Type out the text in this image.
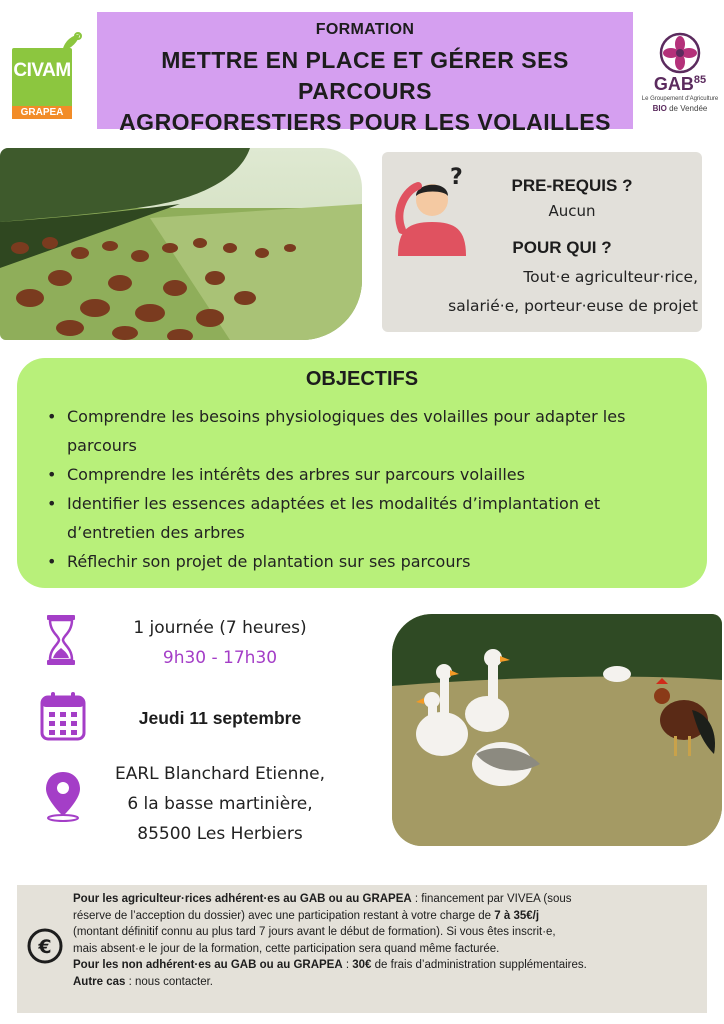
CIVAM
GRAPEA
FORMATION
METTRE EN PLACE ET GÉRER SES PARCOURS
AGROFORESTIERS POUR LES VOLAILLES
GAB$^{85}$
Le Groupement d'Agriculture
BIO de Vendée
?	PRE-REQUIS ?
Aucun
POUR QUI ?
Tout·e agriculteur·rice,
salarié·e, porteur·euse de projet
OBJECTIFS
• Comprendre les besoins physiologiques des volailles pour adapter les
parcours
• Comprendre les intérêts des arbres sur parcours volailles
• Identifier les essences adaptées et les modalités d’implantation et
d’entretien des arbres
• Réflechir son projet de plantation sur ses parcours
1 journée (7 heures)
9h30 - 17h30
Jeudi 11 septembre
EARL Blanchard Etienne,
6 la basse martinière,
85500 Les Herbiers
€
Pour les agriculteur·rices adhérent·es au GAB ou au GRAPEA : financement par VIVEA (sous
réserve de l’acception du dossier) avec une participation restant à votre charge de 7 à 35€/j
(montant définitif connu au plus tard 7 jours avant le début de formation). Si vous êtes inscrit·e,
mais absent·e le jour de la formation, cette participation sera quand même facturée.
Pour les non adhérent·es au GAB ou au GRAPEA : 30€ de frais d’administration supplémentaires.
Autre cas : nous contacter.
